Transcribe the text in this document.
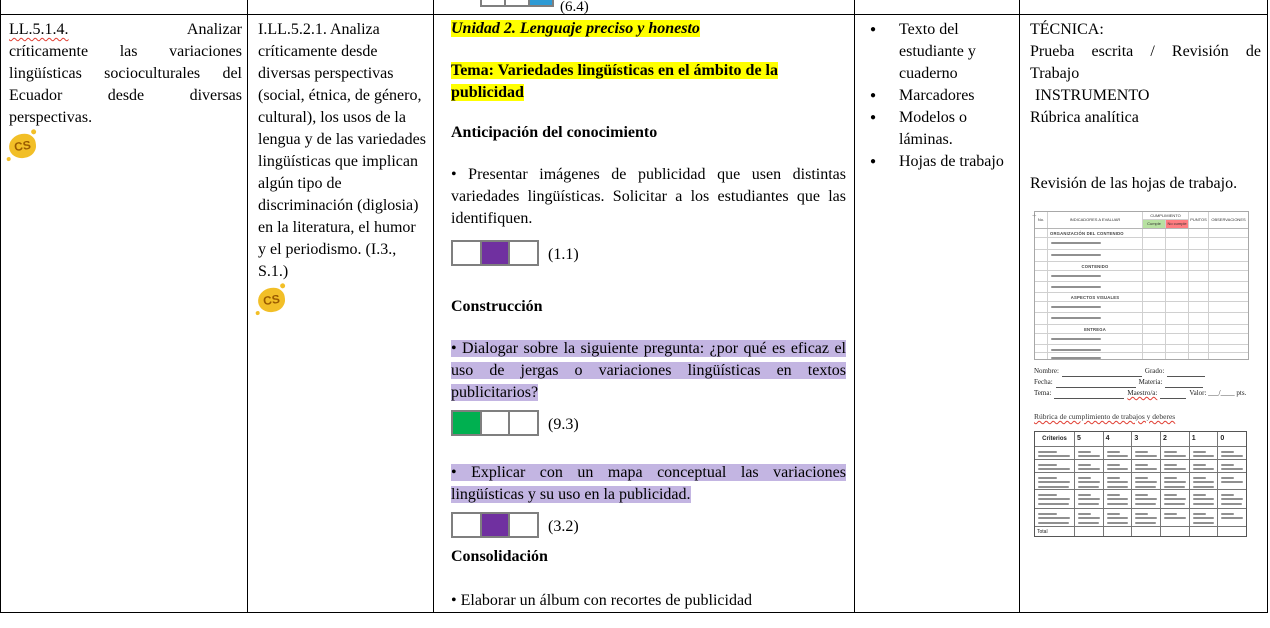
(6.4)

LL.5.1.4.	Analizar
críticamente las variaciones lingüísticas socioculturales del Ecuador desde diversas perspectivas.

CS

I.LL.5.2.1. Analiza críticamente desde diversas perspectivas (social, étnica, de género, cultural), los usos de la lengua y de las variedades lingüísticas que implican algún tipo de discriminación (diglosia) en la literatura, el humor y el periodismo. (I.3., S.1.)

CS

Unidad 2. Lenguaje preciso y honesto

Tema: Variedades lingüísticas en el ámbito de la publicidad

Anticipación del conocimiento

• Presentar imágenes de publicidad que usen distintas variedades lingüísticas. Solicitar a los estudiantes que las identifiquen.

(1.1)

Construcción

• Dialogar sobre la siguiente pregunta: ¿por qué es eficaz el uso de jergas o variaciones lingüísticas en textos publicitarios?

(9.3)

• Explicar con un mapa conceptual las variaciones lingüísticas y su uso en la publicidad.

(3.2)

Consolidación

• Elaborar un álbum con recortes de publicidad

●	Texto del estudiante y cuaderno
●	Marcadores
●	Modelos o láminas.
●	Hojas de trabajo

TÉCNICA:

Prueba escrita / Revisión de Trabajo

INSTRUMENTO

Rúbrica analítica

Revisión de las hojas de trabajo.

+ No.	INDICADORES A EVALUAR
CUMPLIMIENTO
Cumple	No cumple
PUNTOS	OBSERVACIONES
ORGANIZACIÓN DEL CONTENIDO
CONTENIDO
ASPECTOS VISUALES
ENTREGA
Nombre:	Grado:
Fecha:	Materia:
Tema:	Maestro/a:	Valor: ___/____ pts.
Rúbrica de cumplimiento de trabajos y deberes
Criterios	5	4	3	2	1	0
Total
